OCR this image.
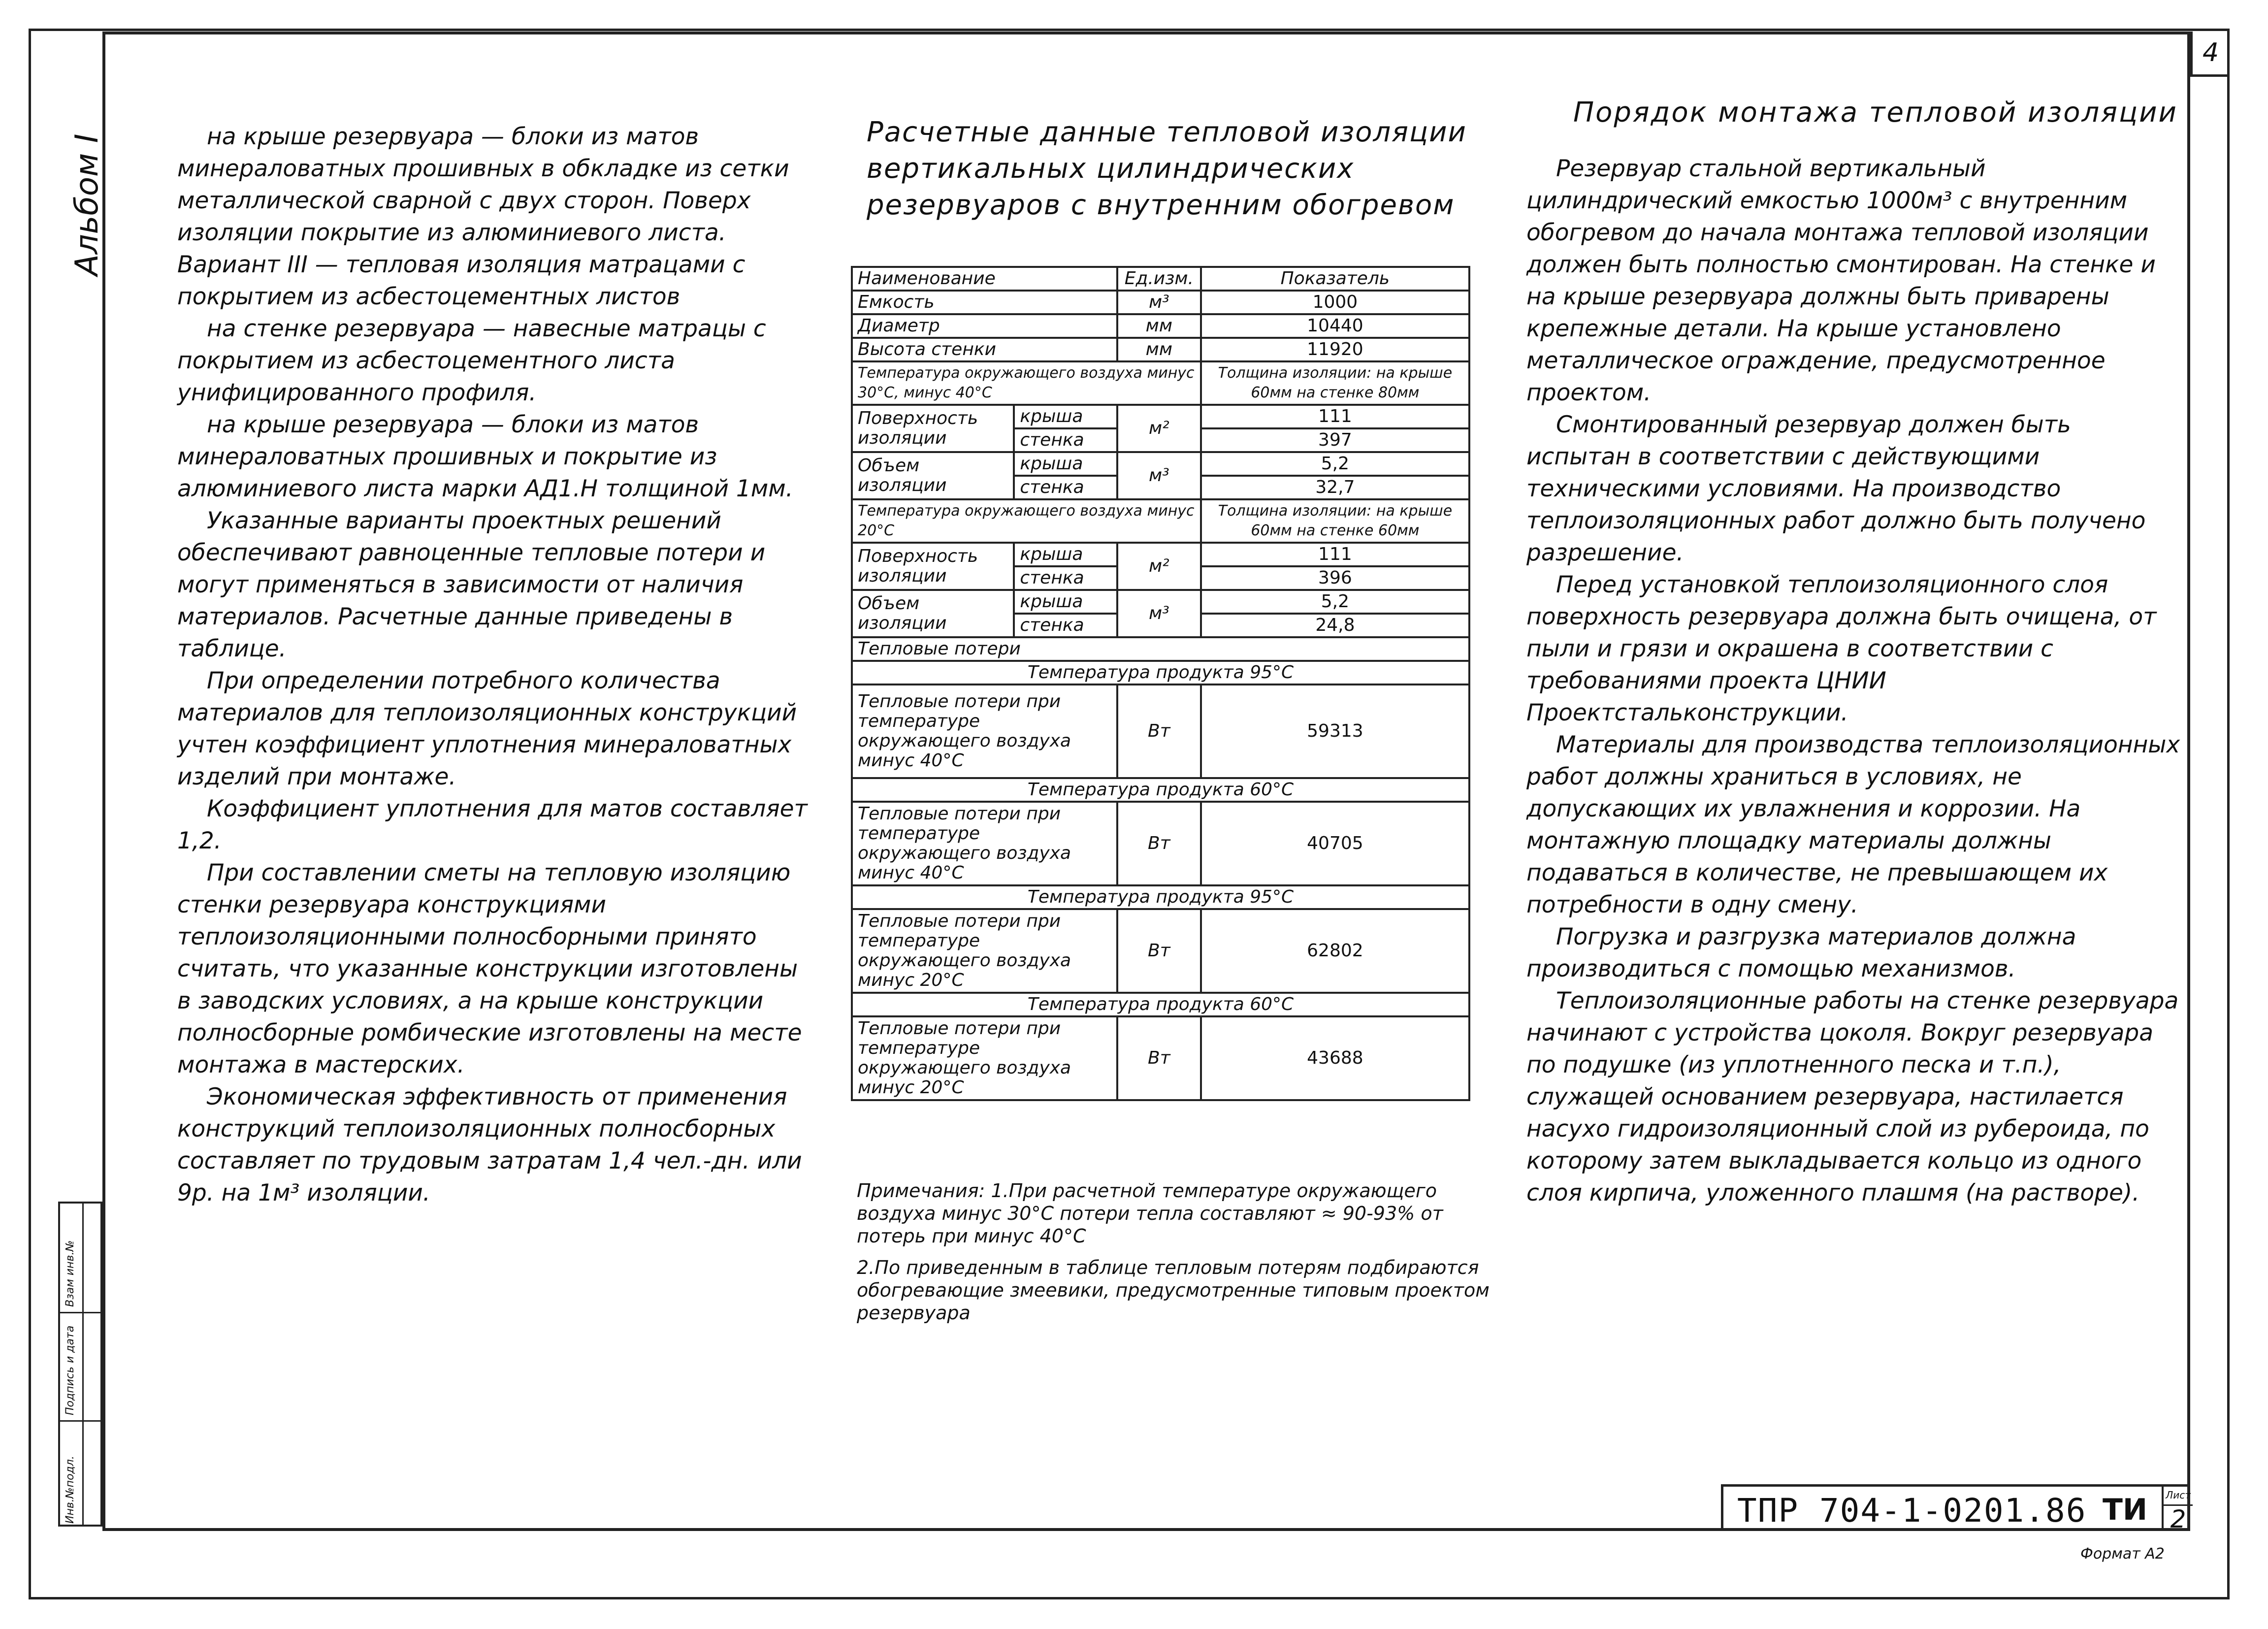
4
Альбом I
Взам инв.№
Подпись и дата
Инв.№подл.

на крыше резервуара — блоки из матов минераловатных прошивных в обкладке из сетки металлической сварной с двух сторон. Поверх изоляции покрытие из алюминиевого листа.

Вариант III — тепловая изоляция матрацами с покрытием из асбестоцементных листов

на стенке резервуара — навесные матрацы с покрытием из асбестоцементного листа унифицированного профиля.

на крыше резервуара — блоки из матов минераловатных прошивных и покрытие из алюминиевого листа марки АД1.Н толщиной 1мм.

Указанные варианты проектных решений обеспечивают равноценные тепловые потери и могут применяться в зависимости от наличия материалов. Расчетные данные приведены в таблице.

При определении потребного количества материалов для теплоизоляционных конструкций учтен коэффициент уплотнения минераловатных изделий при монтаже.

Коэффициент уплотнения для матов составляет 1,2.

При составлении сметы на тепловую изоляцию стенки резервуара конструкциями теплоизоляционными полносборными принято считать, что указанные конструкции изготовлены в заводских условиях, а на крыше конструкции полносборные ромбические изготовлены на месте монтажа в мастерских.

Экономическая эффективность от применения конструкций теплоизоляционных полносборных составляет по трудовым затратам 1,4 чел.-дн. или 9р. на 1м³ изоляции.

Расчетные данные тепловой изоляции вертикальных цилиндрических резервуаров с внутренним обогревом
Наименование		Ед.изм.	Показатель
Емкость		м³	1000
Диаметр		мм	10440
Высота стенки		мм	11920
Температура окружающего воздуха минус 30°С, минус 40°С			Толщина изоляции: на крыше 60мм на стенке 80мм
Поверхность изоляции	крыша	м²	111
	стенка		397
Объем изоляции	крыша	м³	5,2
	стенка		32,7
Температура окружающего воздуха минус 20°С			Толщина изоляции: на крыше 60мм на стенке 60мм
Поверхность изоляции	крыша	м²	111
	стенка		396
Объем изоляции	крыша	м³	5,2
	стенка		24,8
Тепловые потери			
Температура продукта 95°С			
Тепловые потери при температуре окружающего воздуха минус 40°С		Вт	59313
Температура продукта 60°С			
Тепловые потери при температуре окружающего воздуха минус 40°С		Вт	40705
Температура продукта 95°С			
Тепловые потери при температуре окружающего воздуха минус 20°С		Вт	62802
Температура продукта 60°С			
Тепловые потери при температуре окружающего воздуха минус 20°С		Вт	43688

Примечания: 1.При расчетной температуре окружающего воздуха минус 30°С потери тепла составляют ≈ 90-93% от потерь при минус 40°С

2.По приведенным в таблице тепловым потерям подбираются обогревающие змеевики, предусмотренные типовым проектом резервуара

Порядок монтажа тепловой изоляции

Резервуар стальной вертикальный цилиндрический емкостью 1000м³ с внутренним обогревом до начала монтажа тепловой изоляции должен быть полностью смонтирован. На стенке и на крыше резервуара должны быть приварены крепежные детали. На крыше установлено металлическое ограждение, предусмотренное проектом.

Смонтированный резервуар должен быть испытан в соответствии с действующими техническими условиями. На производство теплоизоляционных работ должно быть получено разрешение.

Перед установкой теплоизоляционного слоя поверхность резервуара должна быть очищена, от пыли и грязи и окрашена в соответствии с требованиями проекта ЦНИИ Проектстальконструкции.

Материалы для производства теплоизоляционных работ должны храниться в условиях, не допускающих их увлажнения и коррозии. На монтажную площадку материалы должны подаваться в количестве, не превышающем их потребности в одну смену.

Погрузка и разгрузка материалов должна производиться с помощью механизмов.

Теплоизоляционные работы на стенке резервуара начинают с устройства цоколя. Вокруг резервуара по подушке (из уплотненного песка и т.п.), служащей основанием резервуара, настилается насухо гидроизоляционный слой из рубероида, по которому затем выкладывается кольцо из одного слоя кирпича, уложенного плашмя (на растворе).

ТПР 704-1-0201.86 ТИ Лист
2
Формат А2
